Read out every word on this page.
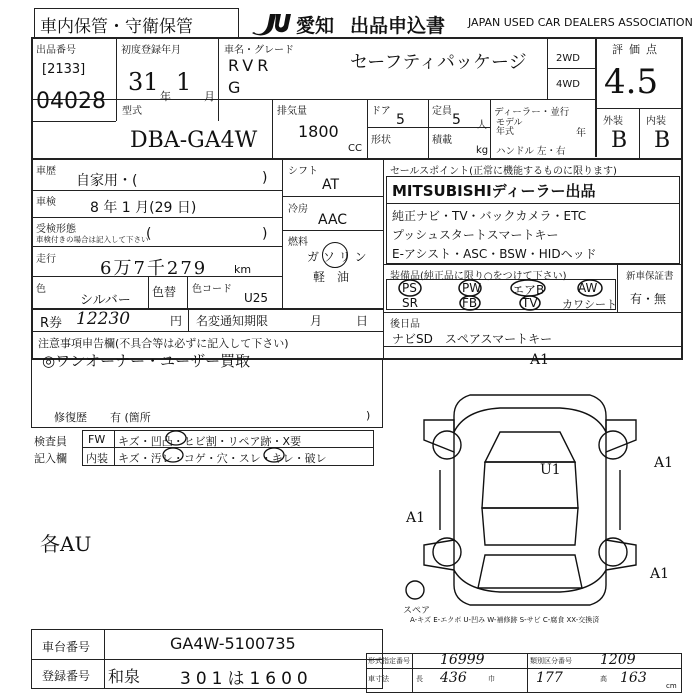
車内保管・守衛保管	愛知 出品申込書 JAPAN USED CAR DEALERS ASSOCIATION
出品番号
[2133]
04028
初度登録年月
31
年
1
月
車名・グレード
RVR
G
セーフティパッケージ	2WD
4WD
評価点
4.5
外装 内装
B B
型式
DBA-GA4W
排気量
1800
CC
ドア
5
形状
定員
5 人
積載
kg
ディーラー・並行
モデル
年式	年
ハンドル 左・右
車歴
自家用・(	)
車検 8 年 1 月(29 日)
受検形態
車検付きの場合は記入して下さい
(	)
走行 6万7千279 km
色
シルバー
色替 色コード
U25
R券 12230	円 名変通知期限	月	日
注意事項申告欄(不具合等は必ずに記入して下さい)
◎ワンオーナー・ユーザー買取
シフト
AT
冷房
AAC
燃料
ガ ソ リ ン
軽　油
セールスポイント(正常に機能するものに限ります)
MITSUBISHIディーラー出品
純正ナビ・TV・バックカメラ・ETC
プッシュスタートスマートキー
E-アシスト・ASC・BSW・HIDヘッド
装備品(純正品に限り○をつけて下さい)
PS	PW	エアB	AW
SR	FB	TV カワシート
新車保証書
有・無
後日品
ナビSD　スペアスマートキー
修復歴 有 (箇所	)
検査員
記入欄
FW キズ・凹凸・ヒビ割・リペア跡・X要
内装 キズ・汚レ・コゲ・穴・スレ・キレ・破レ
各AU
A1
A1
U1
A1
A1
スペア
A-キズ E-エクボ U-凹み W-補修跡 S-サビ C-腐食 XX-交換済
車台番号	GA4W-5100735
登録番号 和泉 301は1600
形式指定番号 16999	類別区分番号 1209
車寸法	長 436	巾	177	高 163	cm
